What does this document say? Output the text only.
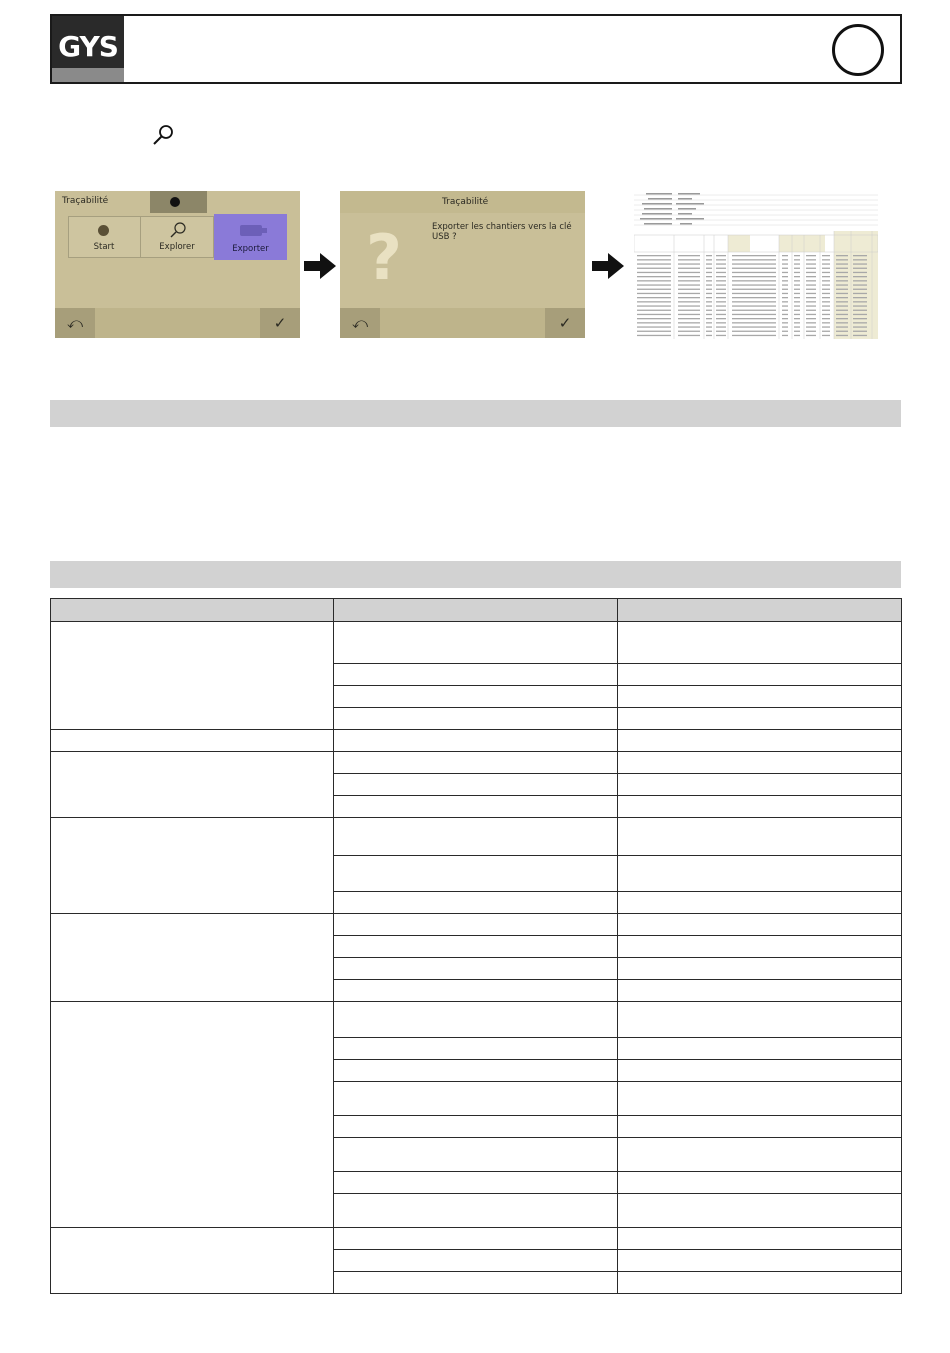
GYS
Traçabilité
Start	Explorer	Exporter
⤺	✓
Traçabilité
?	Exporter les chantiers vers la clé USB ?
⤺	✓
